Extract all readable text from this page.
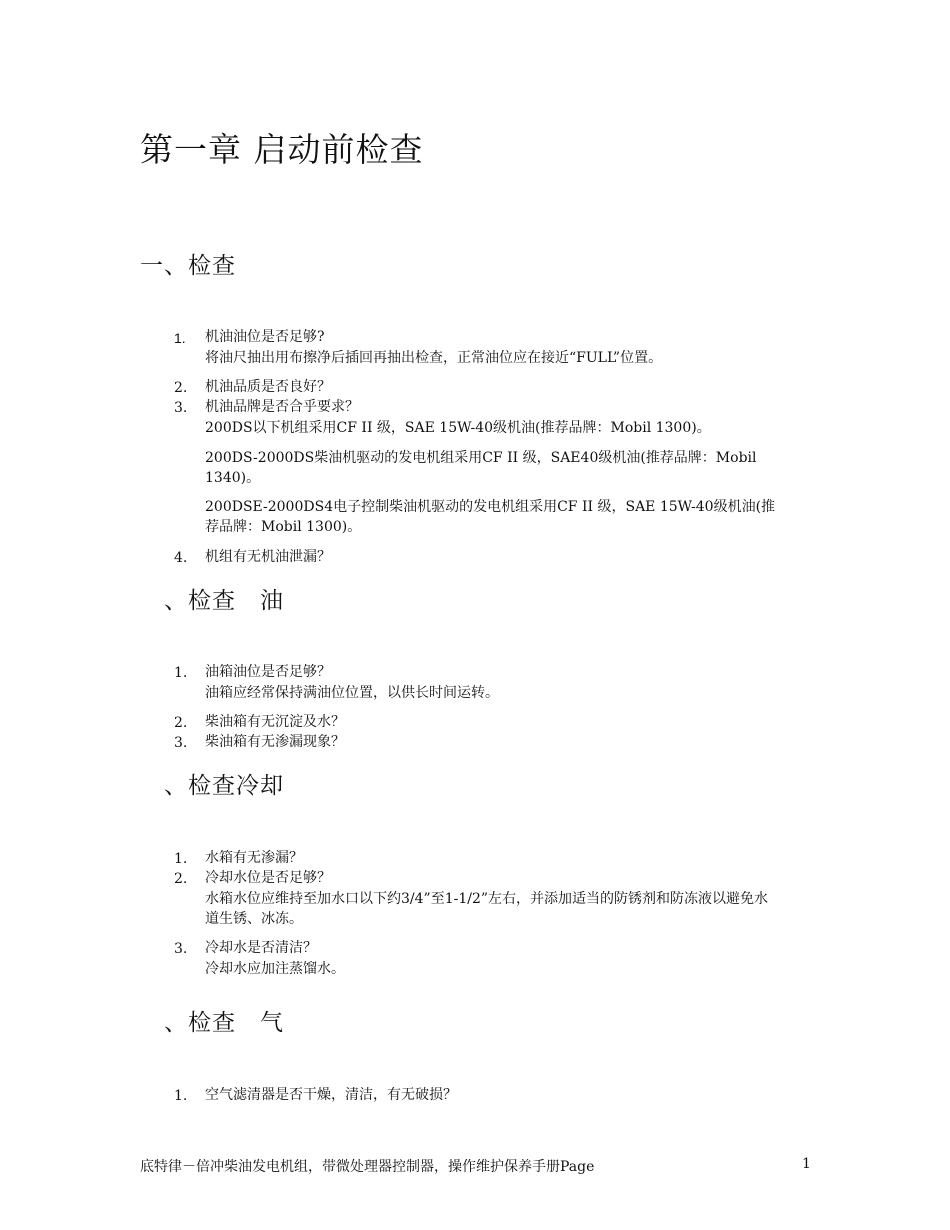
第一章 启动前检查
一、检查
1. 机油油位是否足够?
将油尺抽出用布擦净后插回再抽出检查，正常油位应在接近“FULL”位置。
2. 机油品质是否良好？
3. 机油品牌是否合乎要求？
200DS以下机组采用CF II 级，SAE 15W-40级机油(推荐品牌：Mobil 1300)。
200DS-2000DS柴油机驱动的发电机组采用CF II 级，SAE40级机油(推荐品牌：Mobil
1340)。
200DSE-2000DS4电子控制柴油机驱动的发电机组采用CF II 级，SAE 15W-40级机油(推
荐品牌：Mobil 1300)。
4. 机组有无机油泄漏？
、检查　油
1. 油箱油位是否足够？
油箱应经常保持满油位位置，以供长时间运转。
2. 柴油箱有无沉淀及水？
3. 柴油箱有无渗漏现象？
、检查冷却
1. 水箱有无渗漏？
2. 冷却水位是否足够？
水箱水位应维持至加水口以下约3/4”至1-1/2”左右，并添加适当的防锈剂和防冻液以避免水
道生锈、冰冻。
3. 冷却水是否清洁？
冷却水应加注蒸馏水。
、检查　气
1. 空气滤清器是否干燥，清洁，有无破损？
底特律－倍冲柴油发电机组，带微处理器控制器，操作维护保养手册Page	1
